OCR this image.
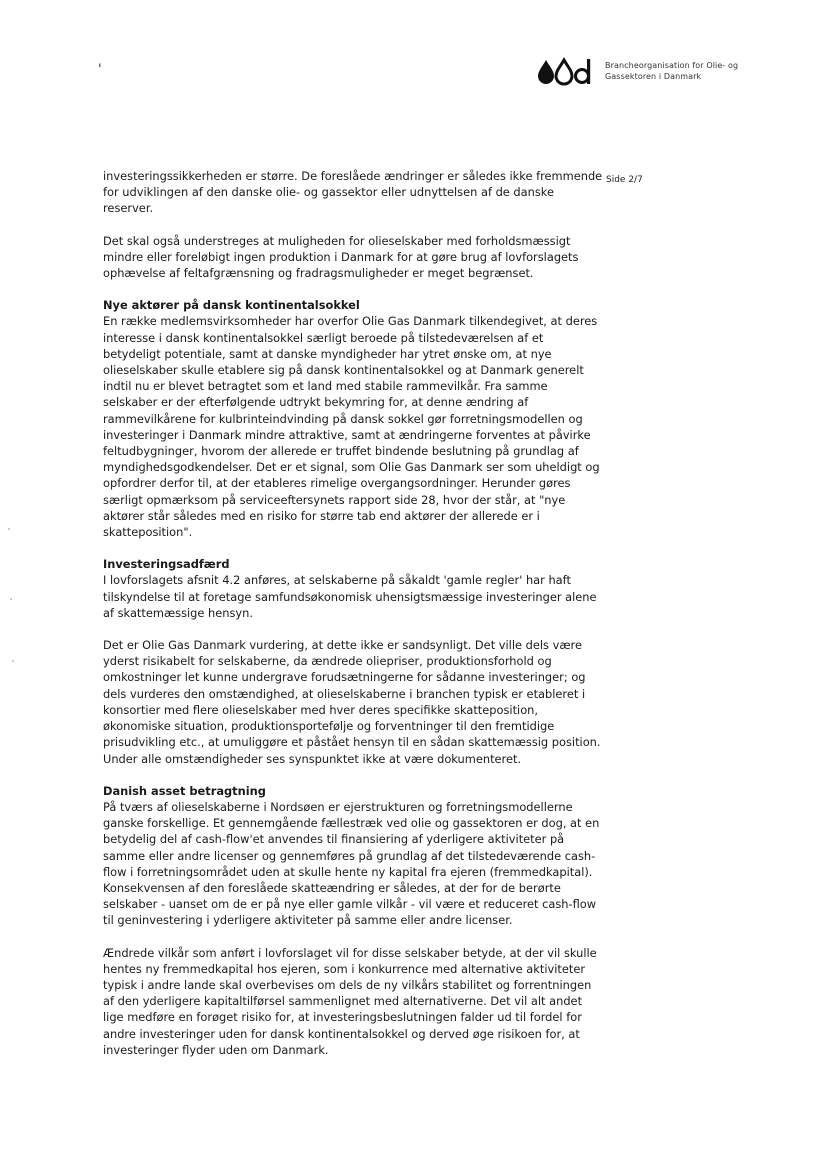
'	Brancheorganisation for Olie- og
Gassektoren i Danmark
Side 2/7

investeringssikkerheden er større. De foreslåede ændringer er således ikke fremmende for udviklingen af den danske olie- og gassektor eller udnyttelsen af de danske reserver.

Det skal også understreges at muligheden for olieselskaber med forholdsmæssigt mindre eller foreløbigt ingen produktion i Danmark for at gøre brug af lovforslagets ophævelse af feltafgrænsning og fradragsmuligheder er meget begrænset.

Nye aktører på dansk kontinentalsokkel

En række medlemsvirksomheder har overfor Olie Gas Danmark tilkendegivet, at deres interesse i dansk kontinentalsokkel særligt beroede på tilstedeværelsen af et betydeligt potentiale, samt at danske myndigheder har ytret ønske om, at nye olieselskaber skulle etablere sig på dansk kontinentalsokkel og at Danmark generelt indtil nu er blevet betragtet som et land med stabile rammevilkår. Fra samme selskaber er der efterfølgende udtrykt bekymring for, at denne ændring af rammevilkårene for kulbrinteindvinding på dansk sokkel gør forretningsmodellen og investeringer i Danmark mindre attraktive, samt at ændringerne forventes at påvirke feltudbygninger, hvorom der allerede er truffet bindende beslutning på grundlag af myndighedsgodkendelser. Det er et signal, som Olie Gas Danmark ser som uheldigt og opfordrer derfor til, at der etableres rimelige overgangsordninger. Herunder gøres særligt opmærksom på serviceeftersynets rapport side 28, hvor der står, at "nye aktører står således med en risiko for større tab end aktører der allerede er i skatteposition".

Investeringsadfærd

I lovforslagets afsnit 4.2 anføres, at selskaberne på såkaldt 'gamle regler' har haft tilskyndelse til at foretage samfundsøkonomisk uhensigtsmæssige investeringer alene af skattemæssige hensyn.

Det er Olie Gas Danmark vurdering, at dette ikke er sandsynligt. Det ville dels være yderst risikabelt for selskaberne, da ændrede oliepriser, produktionsforhold og omkostninger let kunne undergrave forudsætningerne for sådanne investeringer; og dels vurderes den omstændighed, at olieselskaberne i branchen typisk er etableret i konsortier med flere olieselskaber med hver deres specifikke skatteposition, økonomiske situation, produktionsportefølje og forventninger til den fremtidige prisudvikling etc., at umuliggøre et påstået hensyn til en sådan skattemæssig position. Under alle omstændigheder ses synspunktet ikke at være dokumenteret.

Danish asset betragtning

På tværs af olieselskaberne i Nordsøen er ejerstrukturen og forretningsmodellerne ganske forskellige. Et gennemgående fællestræk ved olie og gassektoren er dog, at en betydelig del af cash-flow'et anvendes til finansiering af yderligere aktiviteter på samme eller andre licenser og gennemføres på grundlag af det tilstedeværende cash-flow i forretningsområdet uden at skulle hente ny kapital fra ejeren (fremmedkapital). Konsekvensen af den foreslåede skatteændring er således, at der for de berørte selskaber - uanset om de er på nye eller gamle vilkår - vil være et reduceret cash-flow til geninvestering i yderligere aktiviteter på samme eller andre licenser.

Ændrede vilkår som anført i lovforslaget vil for disse selskaber betyde, at der vil skulle hentes ny fremmedkapital hos ejeren, som i konkurrence med alternative aktiviteter typisk i andre lande skal overbevises om dels de ny vilkårs stabilitet og forrentningen af den yderligere kapitaltilførsel sammenlignet med alternativerne. Det vil alt andet lige medføre en forøget risiko for, at investeringsbeslutningen falder ud til fordel for andre investeringer uden for dansk kontinentalsokkel og derved øge risikoen for, at investeringer flyder uden om Danmark.
